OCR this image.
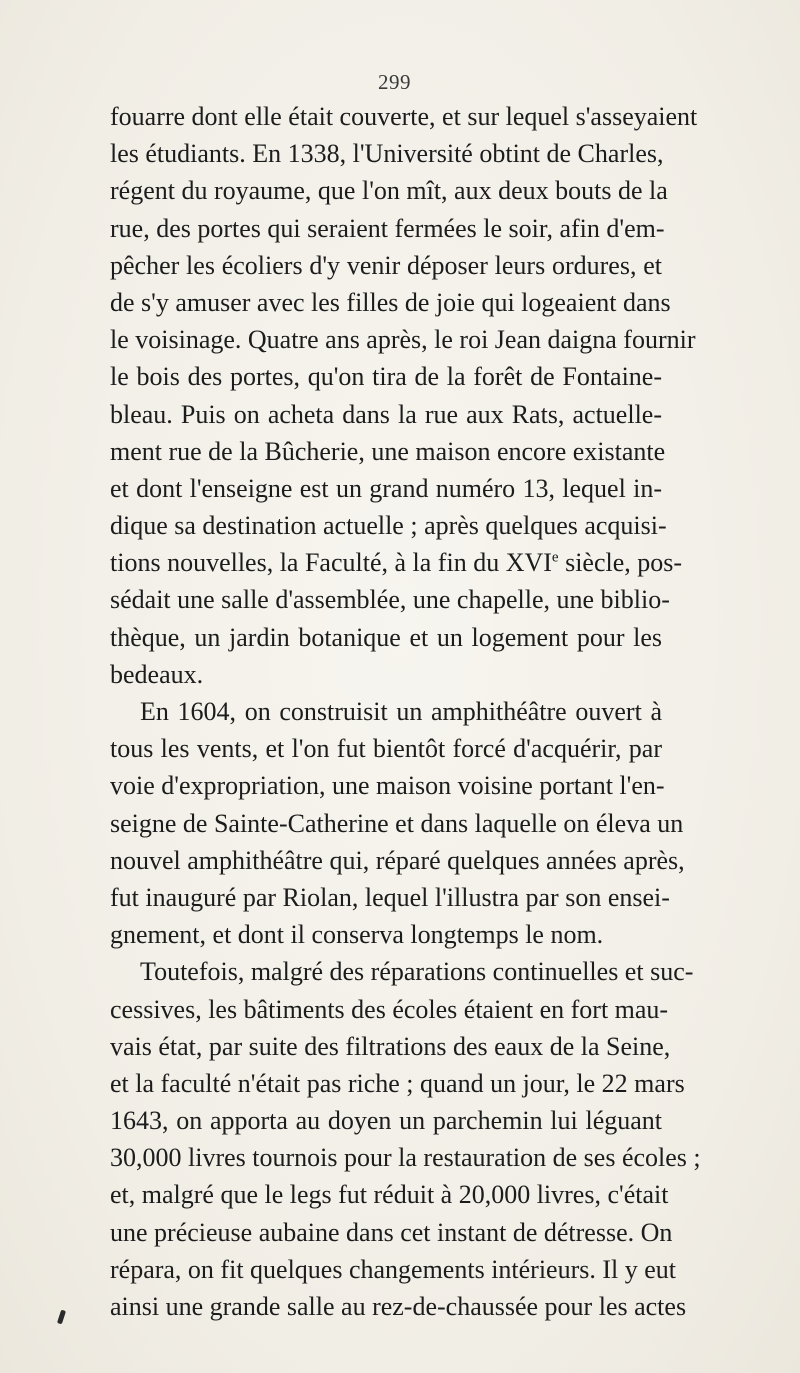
299
fouarre dont elle était couverte, et sur lequel s'asseyaient
les étudiants. En 1338, l'Université obtint de Charles,
régent du royaume, que l'on mît, aux deux bouts de la
rue, des portes qui seraient fermées le soir, afin d'em-
pêcher les écoliers d'y venir déposer leurs ordures, et
de s'y amuser avec les filles de joie qui logeaient dans
le voisinage. Quatre ans après, le roi Jean daigna fournir
le bois des portes, qu'on tira de la forêt de Fontaine-
bleau. Puis on acheta dans la rue aux Rats, actuelle-
ment rue de la Bûcherie, une maison encore existante
et dont l'enseigne est un grand numéro 13, lequel in-
dique sa destination actuelle ; après quelques acquisi-
tions nouvelles, la Faculté, à la fin du XVIe siècle, pos-
sédait une salle d'assemblée, une chapelle, une biblio-
thèque, un jardin botanique et un logement pour les
bedeaux.
En 1604, on construisit un amphithéâtre ouvert à
tous les vents, et l'on fut bientôt forcé d'acquérir, par
voie d'expropriation, une maison voisine portant l'en-
seigne de Sainte-Catherine et dans laquelle on éleva un
nouvel amphithéâtre qui, réparé quelques années après,
fut inauguré par Riolan, lequel l'illustra par son ensei-
gnement, et dont il conserva longtemps le nom.
Toutefois, malgré des réparations continuelles et suc-
cessives, les bâtiments des écoles étaient en fort mau-
vais état, par suite des filtrations des eaux de la Seine,
et la faculté n'était pas riche ; quand un jour, le 22 mars
1643, on apporta au doyen un parchemin lui léguant
30,000 livres tournois pour la restauration de ses écoles ;
et, malgré que le legs fut réduit à 20,000 livres, c'était
une précieuse aubaine dans cet instant de détresse. On
répara, on fit quelques changements intérieurs. Il y eut
ainsi une grande salle au rez-de-chaussée pour les actes
